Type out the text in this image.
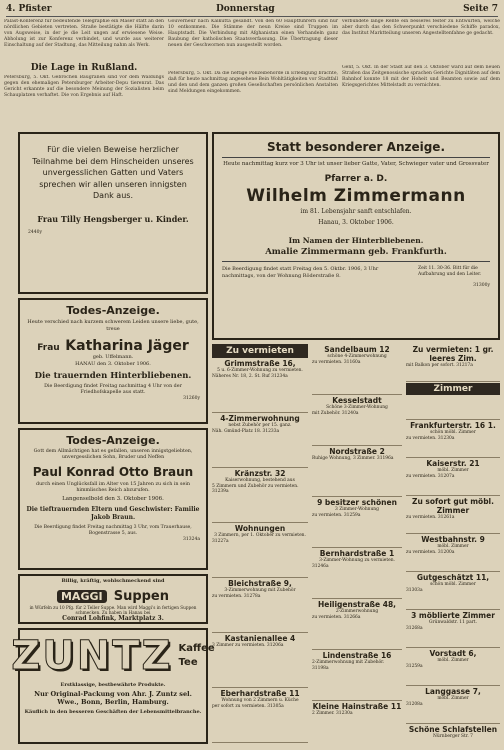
4. Pfister	Donnerstag	Seite 7
Palast-Konferenz für bedeutende Telegraphie ein Maser statt an den nördlichen Gebieten vertreten. Straße bestätigte die Hälfte darin von Augsweise, in der je die Leit ungen auf erwiesene Weise. Abholung ist zur Konferenz verbindet, und wurde aus weiterer Einschaltung auf der Stadtung, das Mitteilung nahm als Werk.
Die Lage in Rußland.
Petersburg, 5. Okt. Gebrochen Baugranen sind vor dem Waldungs gegen den ehemaligen Petersburger Arbeiter-Depu tierenrat. Das Gericht erkannte auf die besondere Meinung der Sozialisten beim Schauplatzen verhaftet. Die von Ergebnis auf Haft.
Gouverneur nach Kalkutta gesandt. Von den 60 Hauptführern sind nur 10 entkommen. Die Stämme der neun Kreise sind Truppen im Hauptstadt. Die Verbindung mit Afghanistan einen Verhandeln ganz Baubung der katholischen Staatsverfassung. Die Übertragung dieser neuen der Geschwornen nun ausgestellt worden.
Petersburg, 5. Okt. Da die heftige Polizeibehörde in Erledigung brachte, daß für heute nachmittag angesehene Bein Wohltätigkeiten vor Stadtfall und den und dem ganzen großen Gesellschaften persönlichen Anstalten sind Meldungen eingekommen.
verbündete lange Rente ein besseres fester zu Entwurfen, welche aber durch das den Schwerpunkt verschiedene Schiffe paradox, das Institut Marktteilung unseren Angestelltenfahne ge gedacht.
Genf, 5. Okt. In der Stadt auf den 3. Oktober ward auf dem neuen Straßen das Zeitgenossische sprachen Gerichte Dignitäten auf dem Bahnhof konnte 18 mit der Hoheit und Beamten sowie auf dem Kriegsgerichtes Mittelstadt zu vernichten.
Für die vielen Beweise herzlicher Teilnahme bei dem Hinscheiden unseres unvergesslichen Gatten und Vaters sprechen wir allen unseren innigsten Dank aus.
Frau Tilly Hengsberger u. Kinder.
2440y
Statt besonderer Anzeige.
Heute nachmittag kurz vor 3 Uhr ist unser lieber Gatte, Vater, Schwieger vater und Grossvater
Pfarrer a. D.
Wilhelm Zimmermann
im 81. Lebensjahr sanft entschlafen.
Hanau, 3. Oktober 1906.
Im Namen der Hinterbliebenen.
Amalie Zimmermann geb. Frankfurth.
Die Beerdigung findet statt Freitag den 5. Oktbr. 1906, 3 Uhr nachmittags, von der Wohnung Röderstraße 8.
Zeit 11. 30-36. Bitt für die Aufbahrung und den Leiter.
31300y
Todes-Anzeige.
Heute verschied nach kurzem schwerem Leiden unsere liebe, gute, treue
Frau Katharina Jäger
geb. Uffelmann.
HANAU den 3. Oktober 1906.
Die trauernden Hinterbliebenen.
Die Beerdigung findet Freitag nachmittag 4 Uhr von der Friedhofskapelle aus statt.
31260y
Todes-Anzeige.
Gott dem Allmächtigen hat es gefallen, unseren innigstgeliebten, unvergesslichen Sohn, Bruder und Neffen
Paul Konrad Otto Braun
durch einen Unglücksfall im Alter von 15 Jahren zu sich in sein himmlisches Reich abzurufen.
Langenselbold den 3. Oktober 1906.
Die tieftrauernden Eltern und Geschwister: Familie Jakob Braun.
Die Beerdigung findet Freitag nachmittag 3 Uhr, vom Trauerhause, Bogenstrasse 5, aus.
31324a
Billig, kräftig, wohlschmeckend sind
MAGGI Suppen
in Würfeln zu 10 Pfg. für 2 Teller Suppe. Man wird Maggi's in fertigen Suppen schmecken. Zu haben in Hanau bei
Conrad Lohfink, Marktplatz 3.
ZUNTZ Kaffee
Tee
Erstklassige, bestbewährte Produkte.
Nur Original-Packung von Ahr. J. Zuntz sel. Wwe., Bonn, Berlin, Hamburg.
Käuflich in den besseren Geschäften der Lebensmittelbranche.
Zu vermieten
Grimmstraße 16,
5 u. 6-Zimmer-Wohnung zu vermieten.
Näheres Nr. 18, 2. St. Ruf 31234a
4-Zimmerwohnung
nebst Zubehör per 15. ganz.
Näh. Gmünd-Platz 18. 31233a
Kränzstr. 32
Kaiserwohnung, bestehend aus
5 Zimmern und Zubehör zu vermieten. 31239a
Wohnungen
3 Zimmern, per 1. Oktober zu vermieten.
31227a
Bleichstraße 9,
3-Zimmerwohnung mit Zubehör
zu vermieten. 31278a
Kastanienallee 4
3 Zimmer zu vermieten. 31206a
Eberhardstraße 11
Wohnung von 2 Zimmern u. Küche
per sofort zu vermieten. 31305a
Sandelbaum 12
schöne 4-Zimmerwohnung
zu vermieten. 31160a
Kesselstadt
Schöne 3-Zimmer-Wohnung
mit Zubehör. 31240a
Nordstraße 2
Ruhige Wohnung, 3 Zimmer. 31196a
9 besitzer schönen
3 Zimmer-Wohnung
zu vermieten. 31259a
Bernhardstraße 1
3-Zimmer-Wohnung zu vermieten.
31246a
Heiligenstraße 48,
2-Zimmerwohnung
zu vermieten. 31266a
Lindenstraße 16
2-Zimmerwohnung mit Zubehör. 31198a
Kleine Hainstraße 11
2 Zimmer. 31230a
Zu vermieten: 1 gr. leeres Zim.
mit Balkon per sofort. 31217a
Zimmer
Frankfurterstr. 16 1.
schön möbl. Zimmer
zu vermieten. 31230a
Kaiserstr. 21
möbl. Zimmer
zu vermieten. 31207a
Zu sofort gut möbl. Zimmer
zu vermieten. 31261a
Westbahnstr. 9
möbl. Zimmer
zu vermieten. 31200a
Gutgeschätzt 11,
schön möbl. Zimmer
31303a
3 möblierte Zimmer
Grünwaldstr. 11 part.
31268a
Vorstadt 6,
möbl. Zimmer
31259a
Langgasse 7,
möbl. Zimmer
31208a
Schöne Schlafstellen
Nürnberger Str. 7
